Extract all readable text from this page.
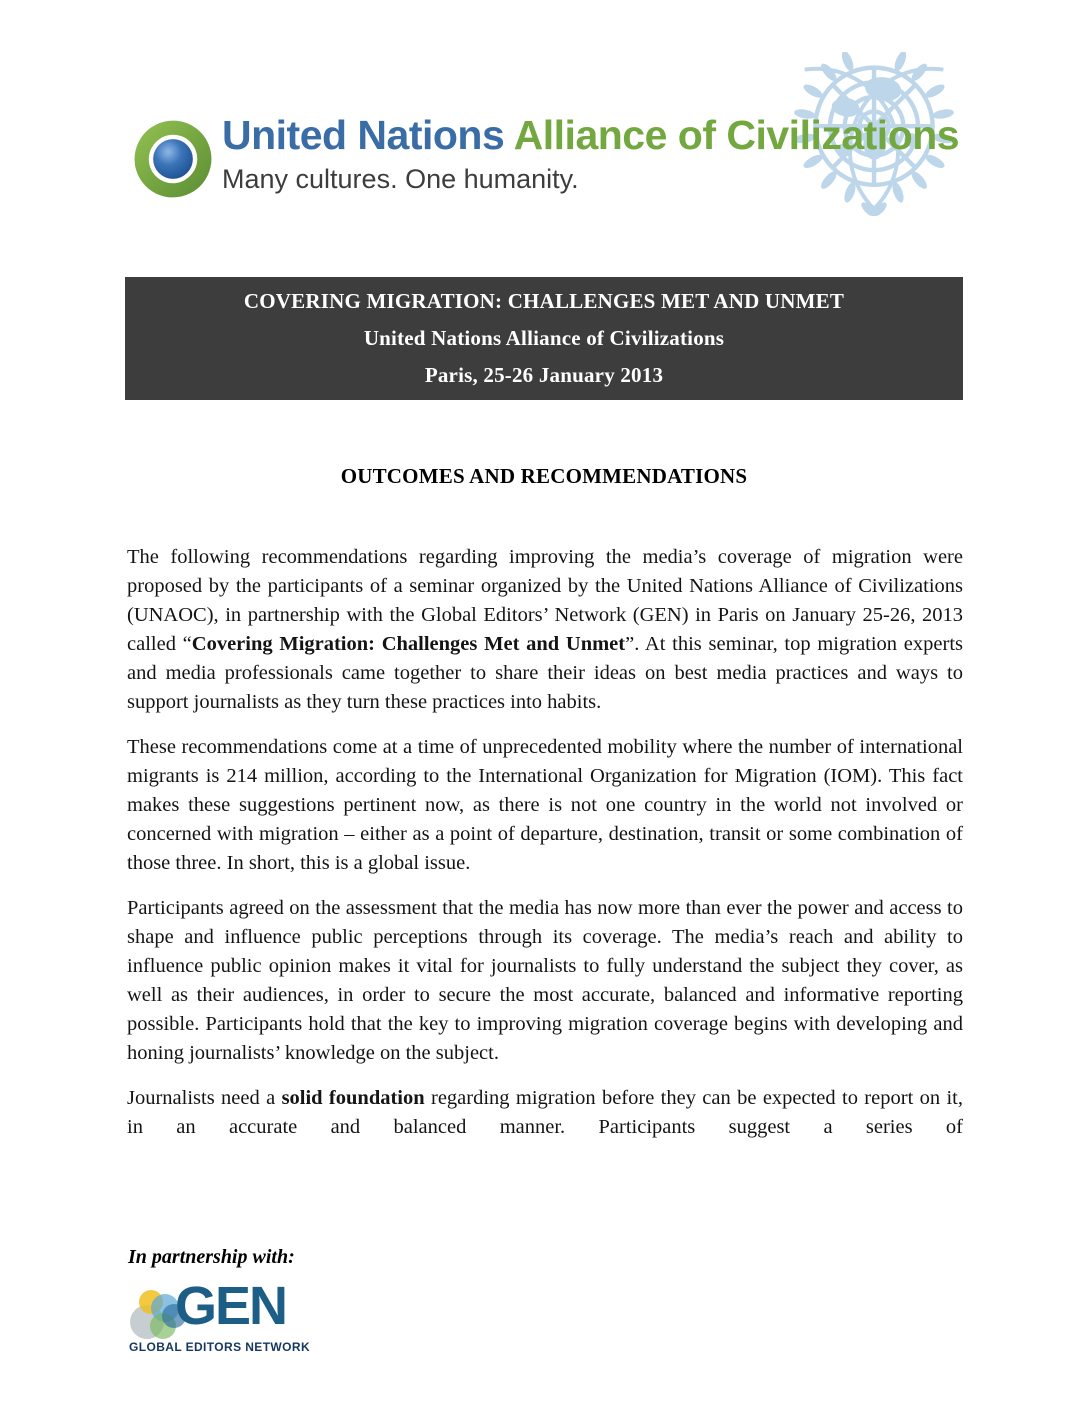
United Nations Alliance of Civilizations
Many cultures. One humanity.
COVERING MIGRATION: CHALLENGES MET AND UNMET
United Nations Alliance of Civilizations
Paris, 25-26 January 2013
OUTCOMES AND RECOMMENDATIONS

The following recommendations regarding improving the media’s coverage of migration were proposed by the participants of a seminar organized by the United Nations Alliance of Civilizations (UNAOC), in partnership with the Global Editors’ Network (GEN) in Paris on January 25-26, 2013 called “Covering Migration: Challenges Met and Unmet”. At this seminar, top migration experts and media professionals came together to share their ideas on best media practices and ways to support journalists as they turn these practices into habits.

These recommendations come at a time of unprecedented mobility where the number of international migrants is 214 million, according to the International Organization for Migration (IOM). This fact makes these suggestions pertinent now, as there is not one country in the world not involved or concerned with migration – either as a point of departure, destination, transit or some combination of those three. In short, this is a global issue.

Participants agreed on the assessment that the media has now more than ever the power and access to shape and influence public perceptions through its coverage. The media’s reach and ability to influence public opinion makes it vital for journalists to fully understand the subject they cover, as well as their audiences, in order to secure the most accurate, balanced and informative reporting possible. Participants hold that the key to improving migration coverage begins with developing and honing journalists’ knowledge on the subject.

Journalists need a solid foundation regarding migration before they can be expected to report on it, in an accurate and balanced manner. Participants suggest a series of

In partnership with:
GEN
GLOBAL EDITORS NETWORK
